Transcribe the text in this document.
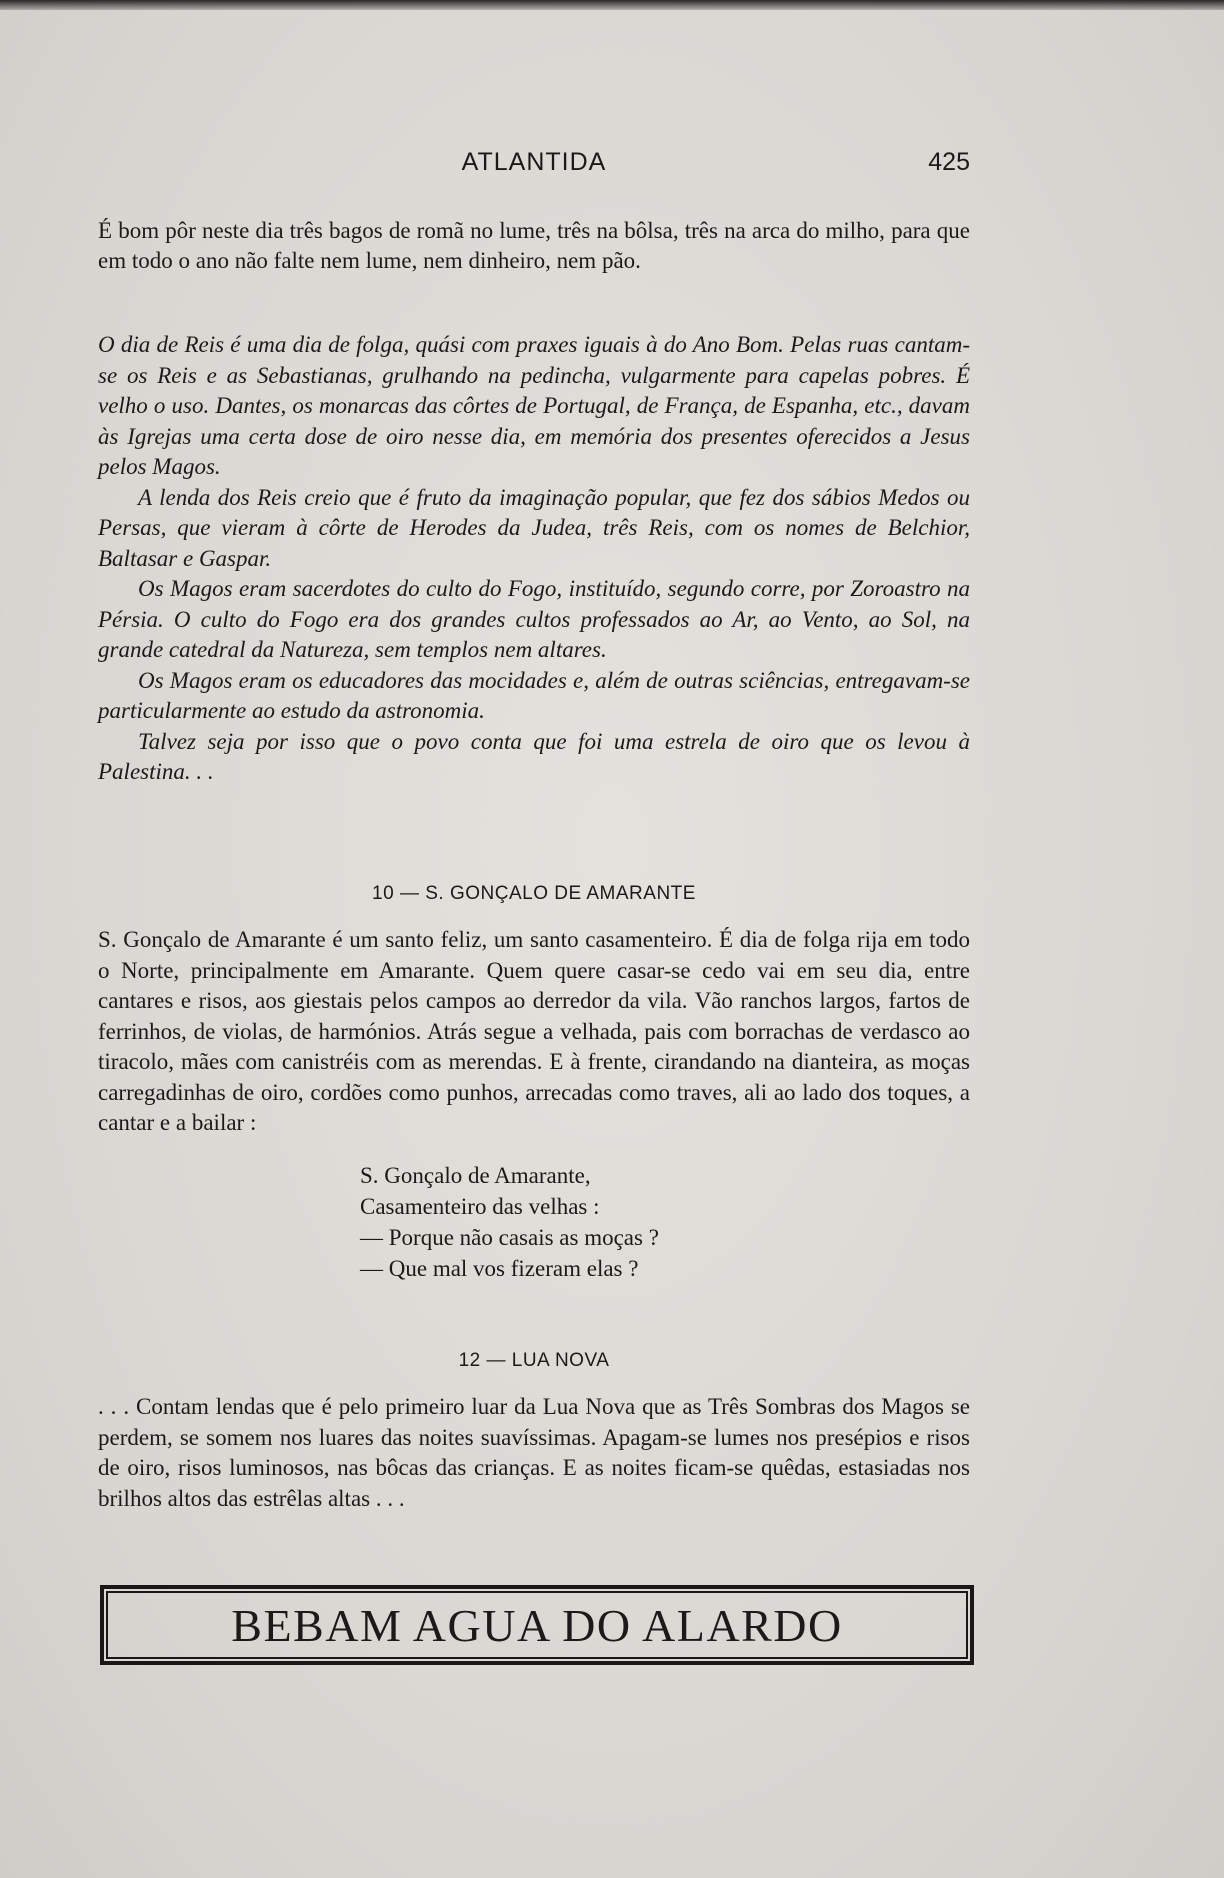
ATLANTIDA	425

É bom pôr neste dia três bagos de romã no lume, três na bôlsa, três na arca do milho, para que em todo o ano não falte nem lume, nem dinheiro, nem pão.

O dia de Reis é uma dia de folga, quási com praxes iguais à do Ano Bom. Pelas ruas cantam-se os Reis e as Sebastianas, grulhando na pedincha, vulgarmente para capelas pobres. É velho o uso. Dantes, os monarcas das côrtes de Portugal, de França, de Espanha, etc., davam às Igrejas uma certa dose de oiro nesse dia, em memória dos presentes oferecidos a Jesus pelos Magos.

A lenda dos Reis creio que é fruto da imaginação popular, que fez dos sábios Medos ou Persas, que vieram à côrte de Herodes da Judea, três Reis, com os nomes de Belchior, Baltasar e Gaspar.

Os Magos eram sacerdotes do culto do Fogo, instituído, segundo corre, por Zoroastro na Pérsia. O culto do Fogo era dos grandes cultos professados ao Ar, ao Vento, ao Sol, na grande catedral da Natureza, sem templos nem altares.

Os Magos eram os educadores das mocidades e, além de outras sciências, entregavam-se particularmente ao estudo da astronomia.

Talvez seja por isso que o povo conta que foi uma estrela de oiro que os levou à Palestina. . .

10 — S. GONÇALO DE AMARANTE

S. Gonçalo de Amarante é um santo feliz, um santo casamenteiro. É dia de folga rija em todo o Norte, principalmente em Amarante. Quem quere casar-se cedo vai em seu dia, entre cantares e risos, aos giestais pelos campos ao derredor da vila. Vão ranchos largos, fartos de ferrinhos, de violas, de harmónios. Atrás segue a velhada, pais com borrachas de verdasco ao tiracolo, mães com canistréis com as merendas. E à frente, cirandando na dianteira, as moças carregadinhas de oiro, cordões como punhos, arrecadas como traves, ali ao lado dos toques, a cantar e a bailar :

S. Gonçalo de Amarante,
Casamenteiro das velhas :
— Porque não casais as moças ?
— Que mal vos fizeram elas ?
12 — LUA NOVA

. . . Contam lendas que é pelo primeiro luar da Lua Nova que as Três Sombras dos Magos se perdem, se somem nos luares das noites suavíssimas. Apagam-se lumes nos presépios e risos de oiro, risos luminosos, nas bôcas das crianças. E as noites ficam-se quêdas, estasiadas nos brilhos altos das estrêlas altas . . .

BEBAM AGUA DO ALARDO
